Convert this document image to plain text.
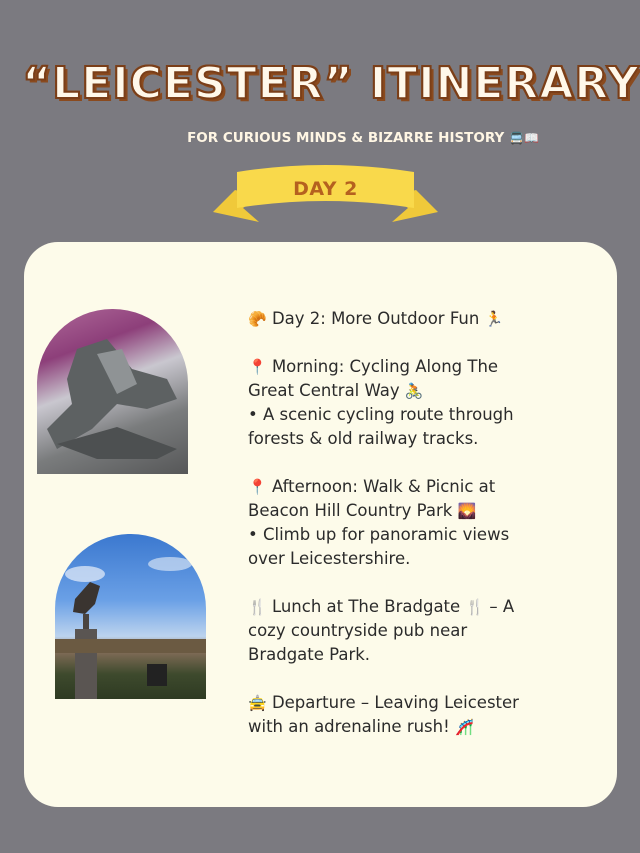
“LEICESTER” ITINERARY
FOR CURIOUS MINDS & BIZARRE HISTORY 🚍📖
DAY 2
🥐 Day 2: More Outdoor Fun 🏃
📍 Morning: Cycling Along The
Great Central Way 🚴
• A scenic cycling route through
forests & old railway tracks.
📍 Afternoon: Walk & Picnic at
Beacon Hill Country Park 🌄
• Climb up for panoramic views
over Leicestershire.
🍴 Lunch at The Bradgate 🍴 – A
cozy countryside pub near
Bradgate Park.
🚖 Departure – Leaving Leicester
with an adrenaline rush! 🎢
